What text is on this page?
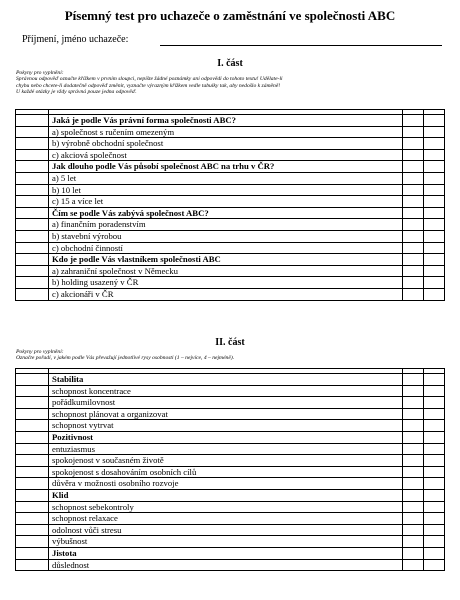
Písemný test pro uchazeče o zaměstnání ve společnosti ABC
Příjmení, jméno uchazeče:
I. část
Pokyny pro vyplnění:
Správnou odpověď označte křížkem v prvním sloupci, nepište žádné poznámky ani odpovědi do tohoto textu! Udělate-li
chybu nebo chcete-li dodatečně odpověď změnit, vyznačte výrazným křížkem vedle tabulky tak, aby nedošlo k záměně!
U každé otázky je vždy správná pouze jedna odpověď.

	Jaká je podle Vás právní forma společnosti ABC?		
	a) společnost s ručením omezeným		
	b) výrobně obchodní společnost		
	c) akciová společnost		
	Jak dlouho podle Vás působí společnost ABC na trhu v ČR?		
	a) 5 let		
	b) 10 let		
	c) 15 a více let		
	Čím se podle Vás zabývá společnost ABC?		
	a) finančním poradenstvím		
	b) stavební výrobou		
	c) obchodní činností		
	Kdo je podle Vás vlastníkem společnosti ABC		
	a) zahraniční společnost v Německu		
	b) holding usazený v ČR		
	c) akcionáři v ČR		
II. část
Pokyny pro vyplnění:
Označte pořadí, v jakém podle Vás převažují jednotlivé rysy osobnosti (1 – nejvíce, 4 – nejméně).

	Stabilita		
	schopnost koncentrace		
	pořádkumilovnost		
	schopnost plánovat a organizovat		
	schopnost vytrvat		
	Pozitivnost		
	entuziasmus		
	spokojenost v současném životě		
	spokojenost s dosahováním osobních cílů		
	důvěra v možnosti osobního rozvoje		
	Klid		
	schopnost sebekontroly		
	schopnost relaxace		
	odolnost vůči stresu		
	výbušnost		
	Jistota		
	důslednost		
